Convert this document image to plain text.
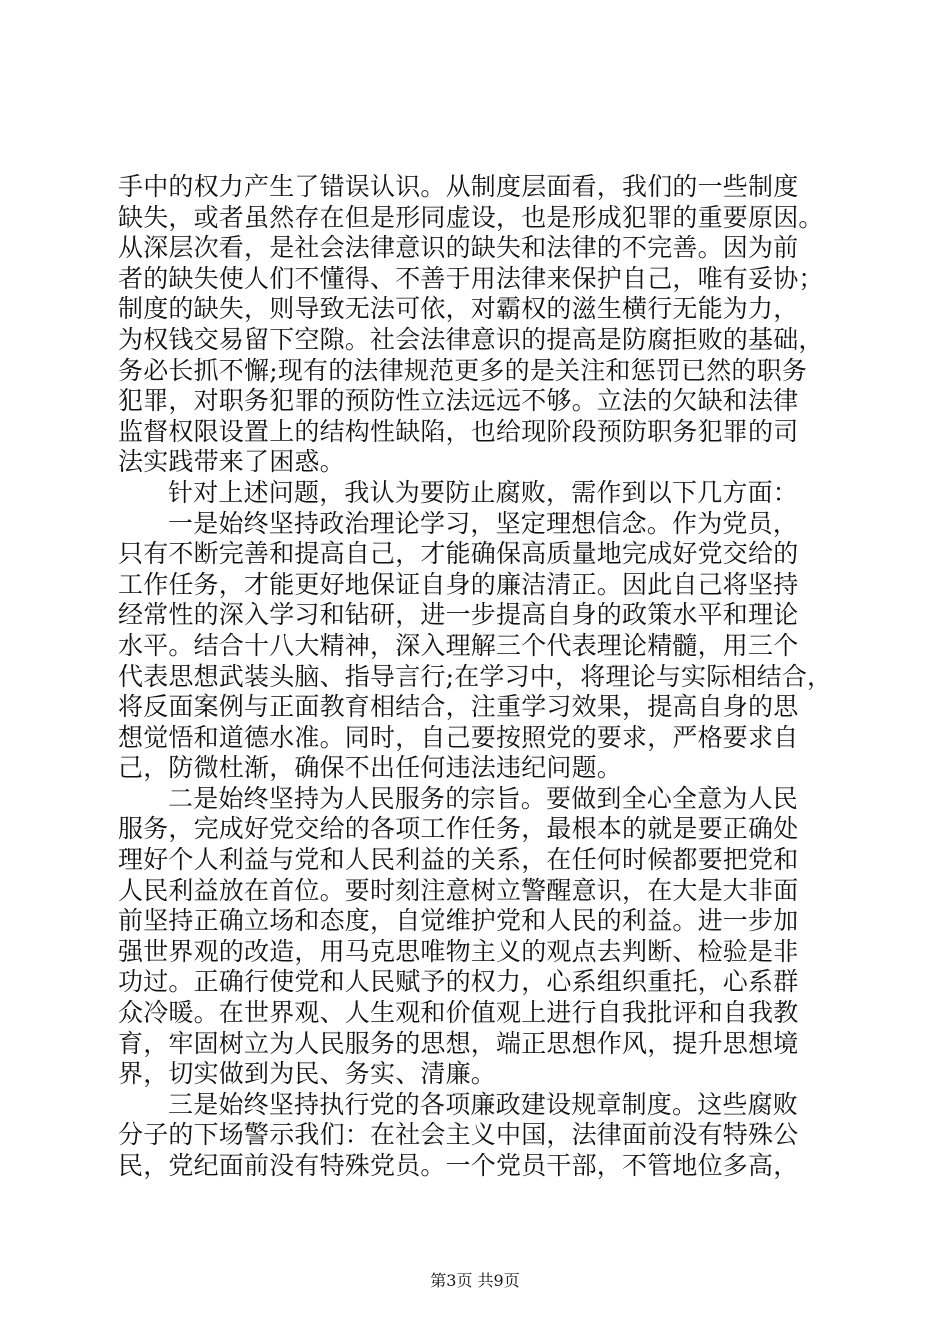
手中的权力产生了错误认识。从制度层面看，我们的一些制度
缺失，或者虽然存在但是形同虚设，也是形成犯罪的重要原因。
从深层次看，是社会法律意识的缺失和法律的不完善。因为前
者的缺失使人们不懂得、不善于用法律来保护自己，唯有妥协；
制度的缺失，则导致无法可依，对霸权的滋生横行无能为力，
为权钱交易留下空隙。社会法律意识的提高是防腐拒败的基础，
务必长抓不懈;现有的法律规范更多的是关注和惩罚已然的职务
犯罪，对职务犯罪的预防性立法远远不够。立法的欠缺和法律
监督权限设置上的结构性缺陷，也给现阶段预防职务犯罪的司
法实践带来了困惑。
针对上述问题，我认为要防止腐败，需作到以下几方面：
一是始终坚持政治理论学习，坚定理想信念。作为党员，
只有不断完善和提高自己，才能确保高质量地完成好党交给的
工作任务，才能更好地保证自身的廉洁清正。因此自己将坚持
经常性的深入学习和钻研，进一步提高自身的政策水平和理论
水平。结合十八大精神，深入理解三个代表理论精髓，用三个
代表思想武装头脑、指导言行;在学习中，将理论与实际相结合，
将反面案例与正面教育相结合，注重学习效果，提高自身的思
想觉悟和道德水准。同时，自己要按照党的要求，严格要求自
己，防微杜渐，确保不出任何违法违纪问题。
二是始终坚持为人民服务的宗旨。要做到全心全意为人民
服务，完成好党交给的各项工作任务，最根本的就是要正确处
理好个人利益与党和人民利益的关系，在任何时候都要把党和
人民利益放在首位。要时刻注意树立警醒意识，在大是大非面
前坚持正确立场和态度，自觉维护党和人民的利益。进一步加
强世界观的改造，用马克思唯物主义的观点去判断、检验是非
功过。正确行使党和人民赋予的权力，心系组织重托，心系群
众冷暖。在世界观、人生观和价值观上进行自我批评和自我教
育，牢固树立为人民服务的思想，端正思想作风，提升思想境
界，切实做到为民、务实、清廉。
三是始终坚持执行党的各项廉政建设规章制度。这些腐败
分子的下场警示我们：在社会主义中国，法律面前没有特殊公
民，党纪面前没有特殊党员。一个党员干部，不管地位多高，
第3页 共9页
